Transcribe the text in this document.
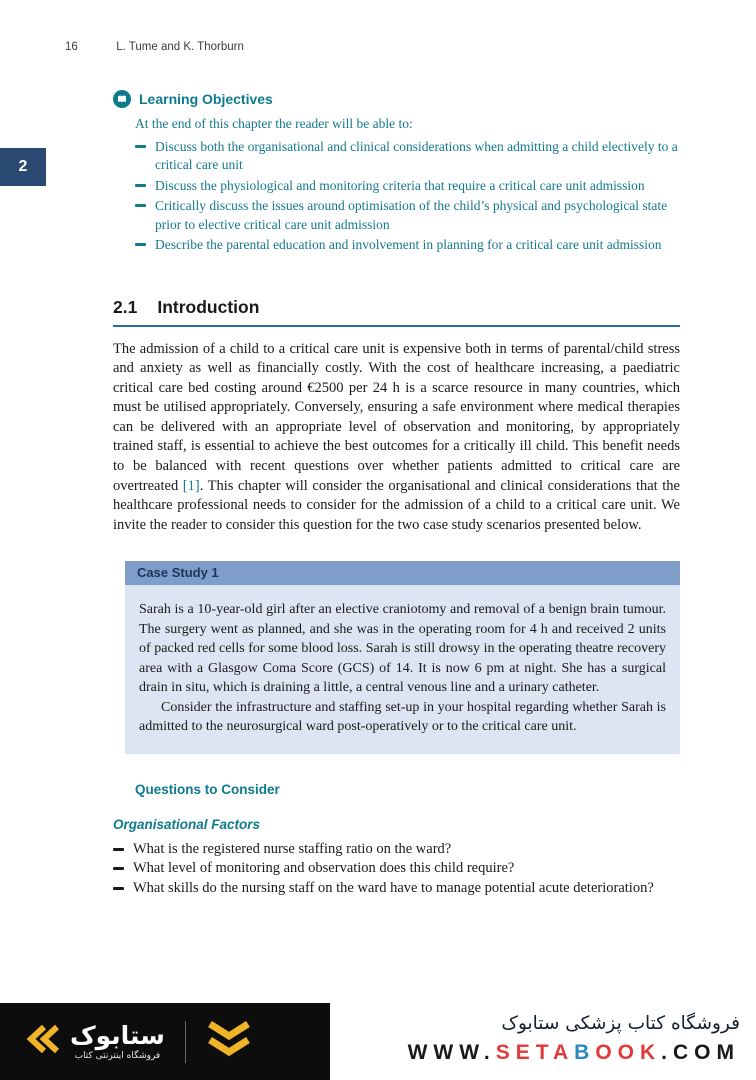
16	L. Tume and K. Thorburn
2
Learning Objectives
At the end of this chapter the reader will be able to:
Discuss both the organisational and clinical considerations when admitting a child electively to a critical care unit
Discuss the physiological and monitoring criteria that require a critical care unit admission
Critically discuss the issues around optimisation of the child’s physical and psychological state prior to elective critical care unit admission
Describe the parental education and involvement in planning for a critical care unit admission
2.1 Introduction

The admission of a child to a critical care unit is expensive both in terms of parental/child stress and anxiety as well as financially costly. With the cost of healthcare increasing, a paediatric critical care bed costing around €2500 per 24 h is a scarce resource in many countries, which must be utilised appropriately. Conversely, ensuring a safe environment where medical therapies can be delivered with an appropriate level of observation and monitoring, by appropriately trained staff, is essential to achieve the best outcomes for a critically ill child. This benefit needs to be balanced with recent questions over whether patients admitted to critical care are overtreated [1]. This chapter will consider the organisational and clinical considerations that the healthcare professional needs to consider for the admission of a child to a critical care unit. We invite the reader to consider this question for the two case study scenarios presented below.

Case Study 1

Sarah is a 10-year-old girl after an elective craniotomy and removal of a benign brain tumour. The surgery went as planned, and she was in the operating room for 4 h and received 2 units of packed red cells for some blood loss. Sarah is still drowsy in the operating theatre recovery area with a Glasgow Coma Score (GCS) of 14. It is now 6 pm at night. She has a surgical drain in situ, which is draining a little, a central venous line and a urinary catheter.

Consider the infrastructure and staffing set-up in your hospital regarding whether Sarah is admitted to the neurosurgical ward post-operatively or to the critical care unit.

Questions to Consider
Organisational Factors
What is the registered nurse staffing ratio on the ward?
What level of monitoring and observation does this child require?
What skills do the nursing staff on the ward have to manage potential acute deterioration?
ستابوک
فروشگاه اینترنتی کتاب
فروشگاه کتاب پزشکی ستابوک
WWW.SETABOOK.COM
